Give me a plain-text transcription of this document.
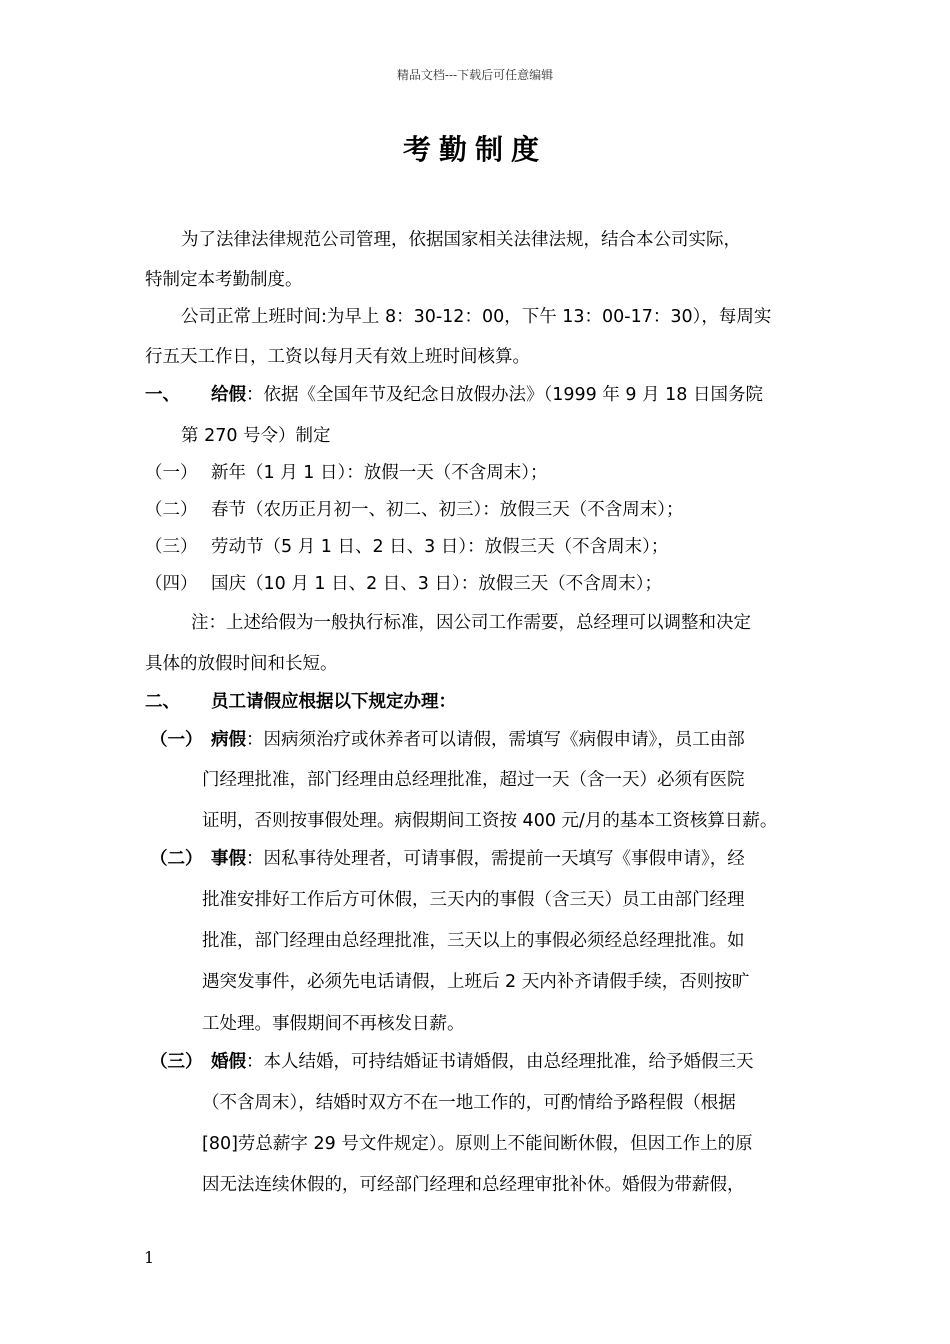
精品文档---下载后可任意编辑
考勤制度
为了法律法律规范公司管理，依据国家相关法律法规，结合本公司实际，
特制定本考勤制度。
公司正常上班时间:为早上 8：30-12：00，下午 13：00-17：30），每周实
行五天工作日，工资以每月天有效上班时间核算。
一、 给假：依据《全国年节及纪念日放假办法》（1999 年 9 月 18 日国务院
第 270 号令）制定
（一） 新年（1 月 1 日）：放假一天（不含周末）；
（二） 春节（农历正月初一、初二、初三）：放假三天（不含周末）；
（三） 劳动节（5 月 1 日、2 日、3 日）：放假三天（不含周末）；
（四） 国庆（10 月 1 日、2 日、3 日）：放假三天（不含周末）；
注：上述给假为一般执行标准，因公司工作需要，总经理可以调整和决定
具体的放假时间和长短。
二、 员工请假应根据以下规定办理：
（一） 病假：因病须治疗或休养者可以请假，需填写《病假申请》，员工由部
门经理批准，部门经理由总经理批准，超过一天（含一天）必须有医院
证明，否则按事假处理。病假期间工资按 400 元/月的基本工资核算日薪。
（二） 事假：因私事待处理者，可请事假，需提前一天填写《事假申请》，经
批准安排好工作后方可休假，三天内的事假（含三天）员工由部门经理
批准，部门经理由总经理批准，三天以上的事假必须经总经理批准。如
遇突发事件，必须先电话请假，上班后 2 天内补齐请假手续，否则按旷
工处理。事假期间不再核发日薪。
（三） 婚假：本人结婚，可持结婚证书请婚假，由总经理批准，给予婚假三天
（不含周末），结婚时双方不在一地工作的，可酌情给予路程假（根据
[80]劳总薪字 29 号文件规定）。原则上不能间断休假，但因工作上的原
因无法连续休假的，可经部门经理和总经理审批补休。婚假为带薪假，
1
